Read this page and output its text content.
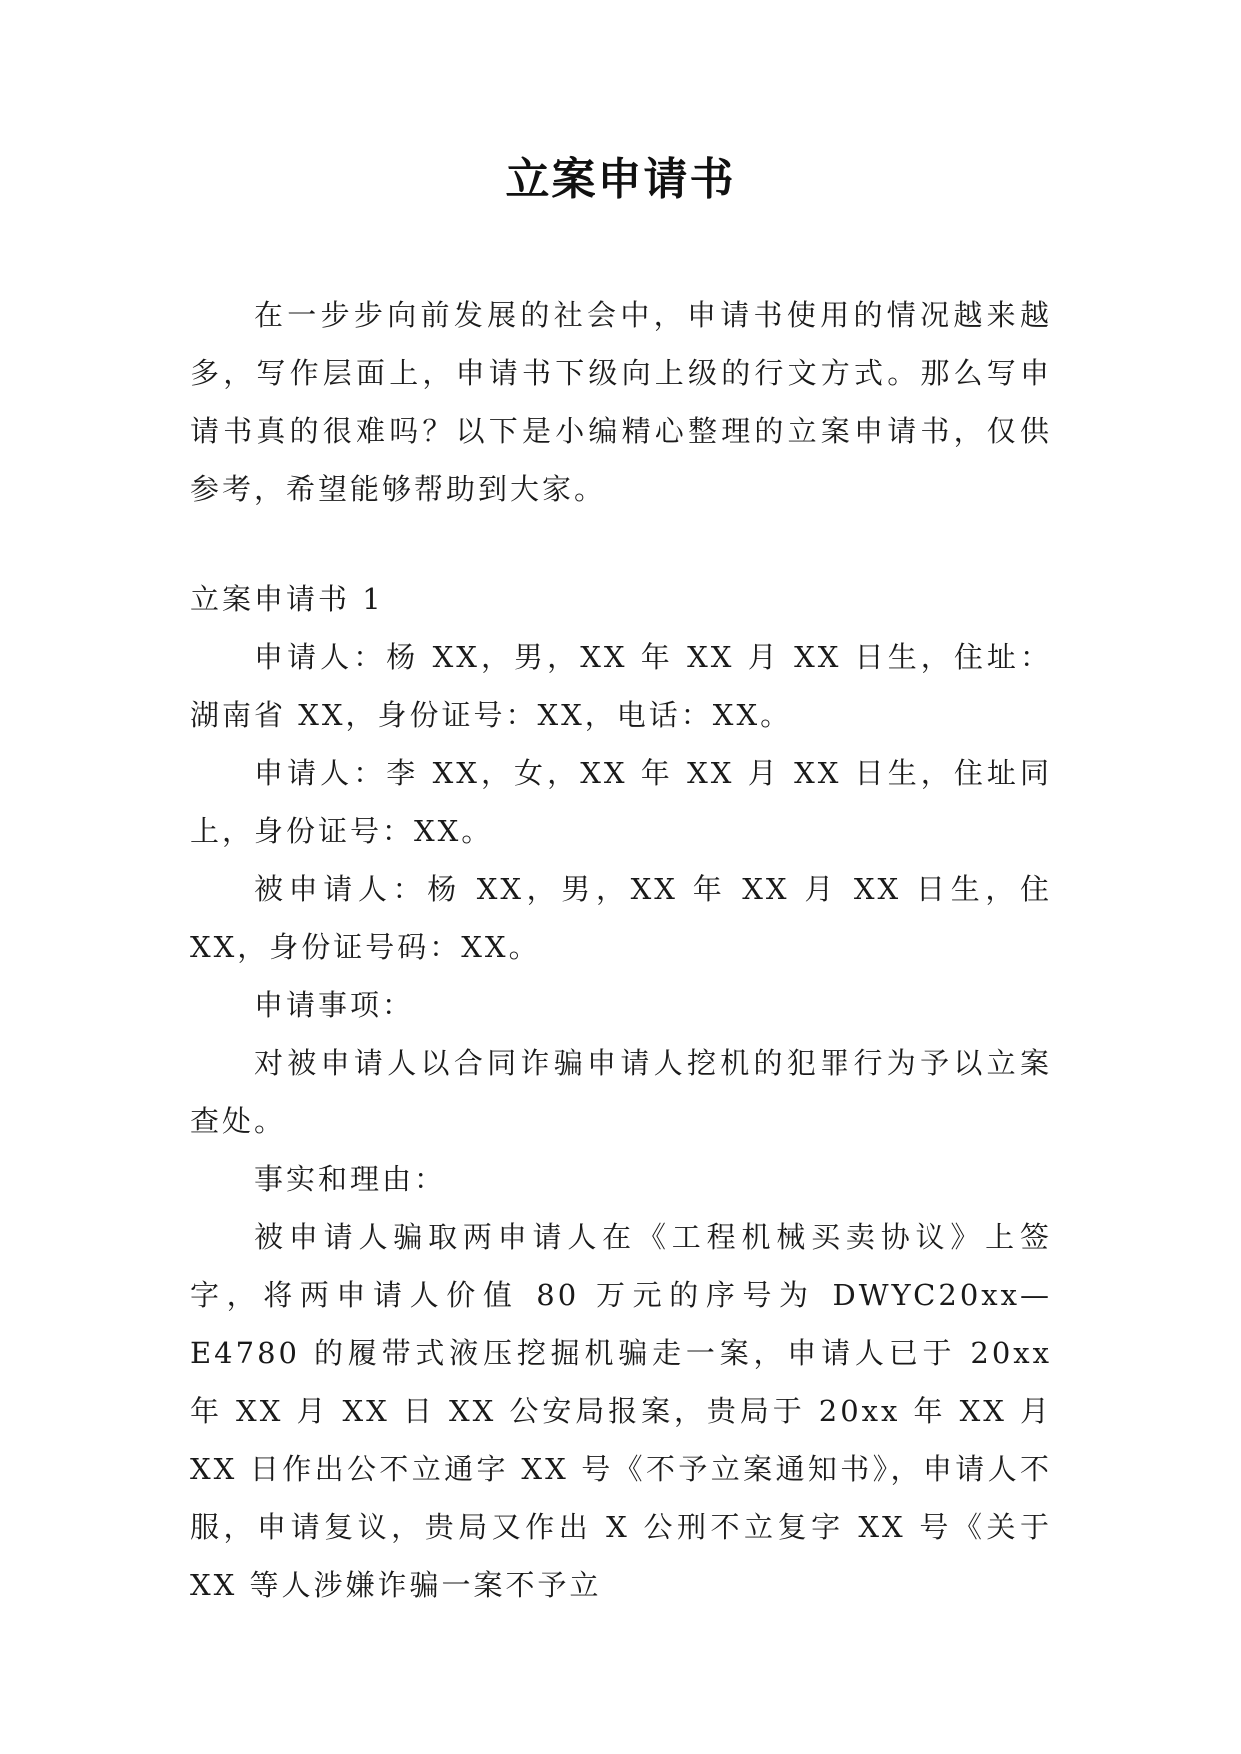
立案申请书

在一步步向前发展的社会中，申请书使用的情况越来越多，写作层面上，申请书下级向上级的行文方式。那么写申请书真的很难吗？以下是小编精心整理的立案申请书，仅供参考，希望能够帮助到大家。

立案申请书 1

申请人：杨 XX，男，XX 年 XX 月 XX 日生，住址：湖南省 XX，身份证号：XX，电话：XX。

申请人：李 XX，女，XX 年 XX 月 XX 日生，住址同上，身份证号：XX。

被申请人：杨 XX，男，XX 年 XX 月 XX 日生，住 XX，身份证号码：XX。

申请事项：

对被申请人以合同诈骗申请人挖机的犯罪行为予以立案查处。

事实和理由：

被申请人骗取两申请人在《工程机械买卖协议》上签字，将两申请人价值 80 万元的序号为 DWYC20xx—E4780 的履带式液压挖掘机骗走一案，申请人已于 20xx 年 XX 月 XX 日 XX 公安局报案，贵局于 20xx 年 XX 月 XX 日作出公不立通字 XX 号《不予立案通知书》，申请人不服，申请复议，贵局又作出 X 公刑不立复字 XX 号《关于 XX 等人涉嫌诈骗一案不予立
